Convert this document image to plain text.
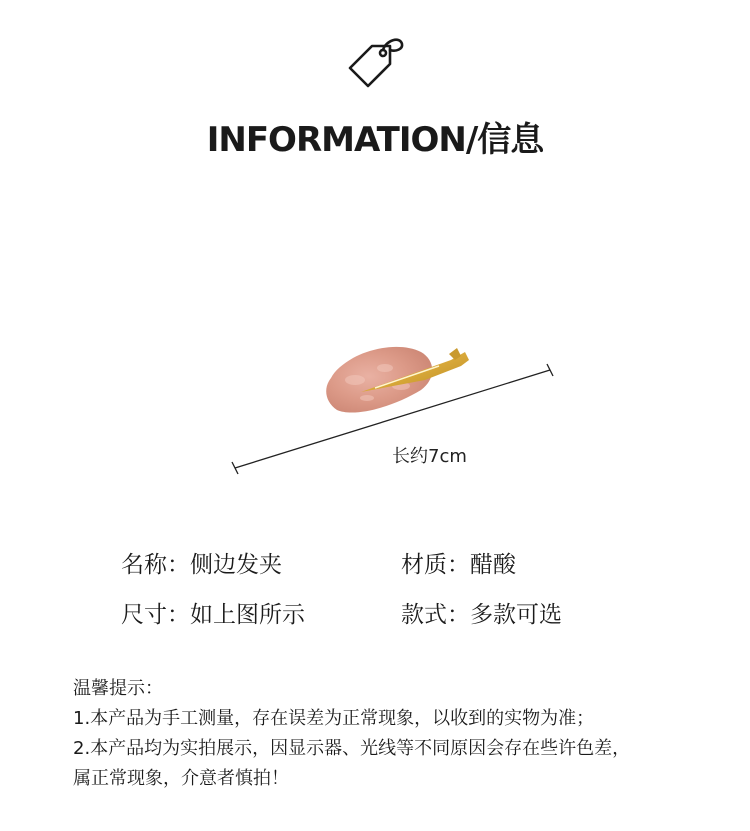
INFORMATION/信息
长约7cm
名称：侧边发夹	材质：醋酸
尺寸：如上图所示	款式：多款可选
温馨提示：
1.本产品为手工测量，存在误差为正常现象，以收到的实物为准；
2.本产品均为实拍展示，因显示器、光线等不同原因会存在些许色差，
属正常现象，介意者慎拍！
